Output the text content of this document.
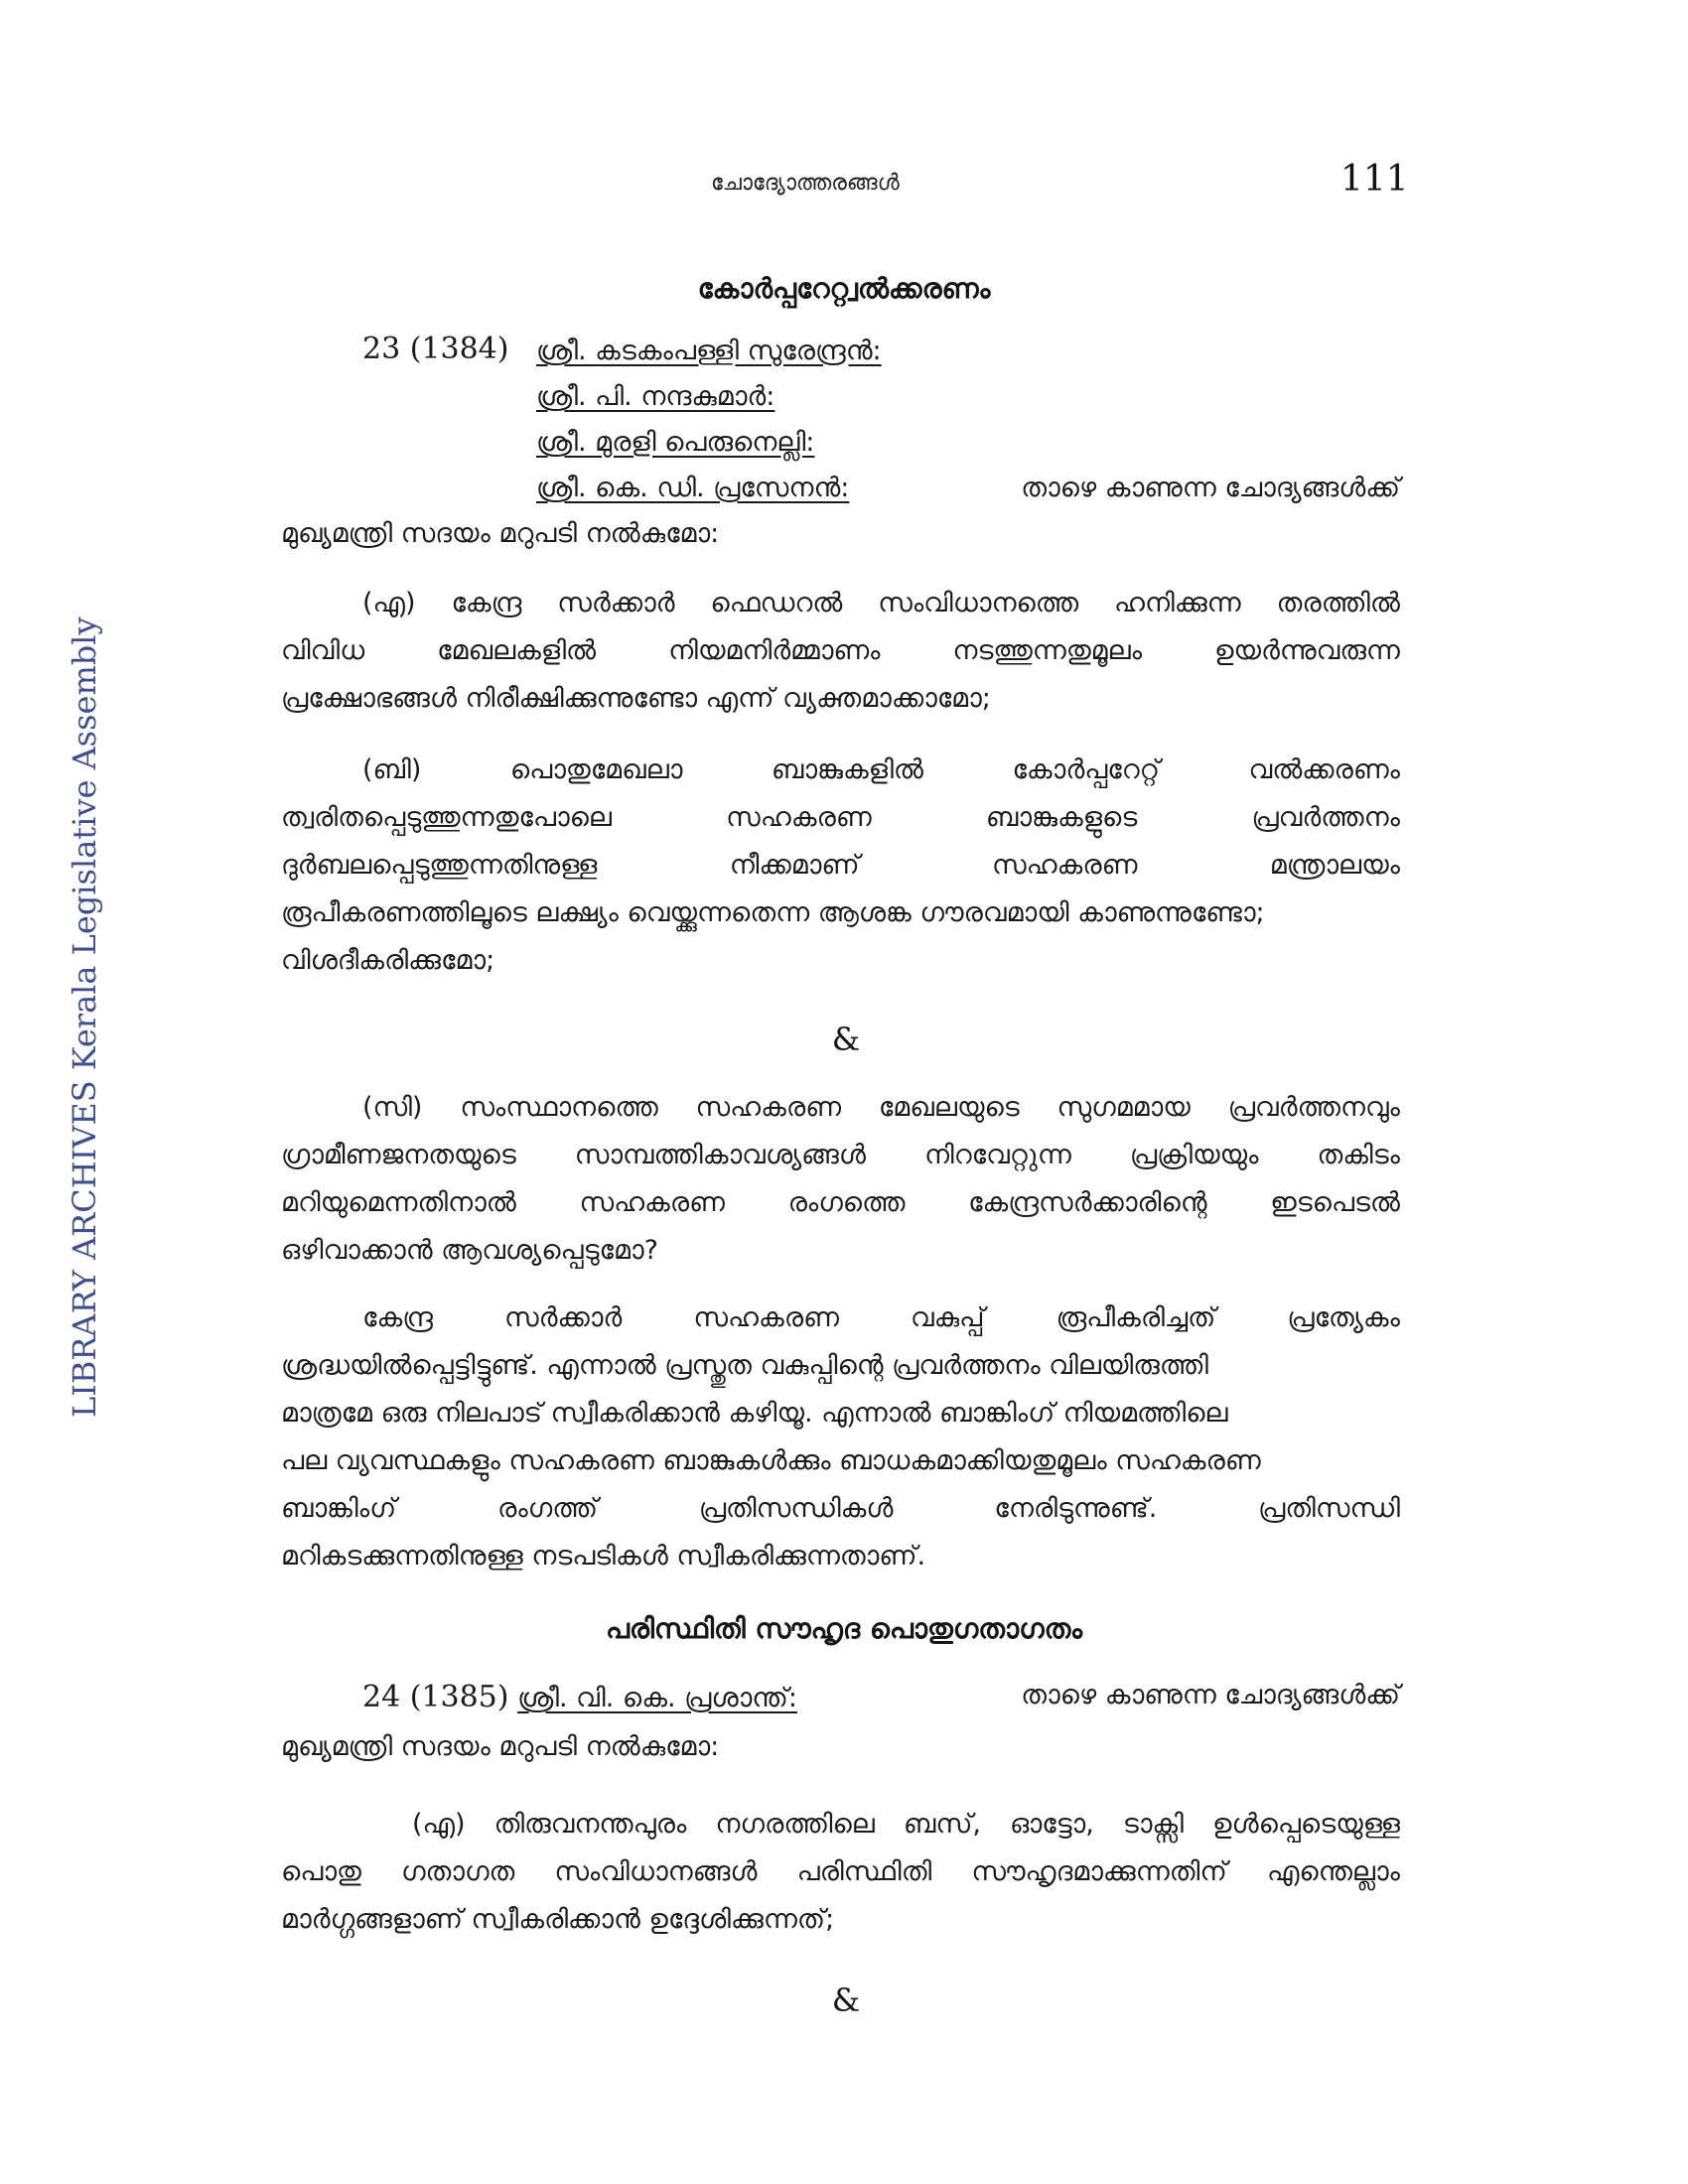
LIBRARY ARCHIVES Kerala Legislative Assembly
ചോദ്യോത്തരങ്ങൾ	111
കോർപ്പറേറ്റ്വൽക്കരണം
23 (1384) ശ്രീ. കടകംപള്ളി സുരേന്ദ്രൻ:
ശ്രീ. പി. നന്ദകുമാർ:
ശ്രീ. മുരളി പെരുനെല്ലി:
ശ്രീ. കെ. ഡി. പ്രസേനൻ:	താഴെ കാണുന്ന ചോദ്യങ്ങൾക്ക്
മുഖ്യമന്ത്രി സദയം മറുപടി നൽകുമോ:
(എ) കേന്ദ്ര സർക്കാർ ഫെഡറൽ സംവിധാനത്തെ ഹനിക്കുന്ന തരത്തിൽ
വിവിധ	മേഖലകളിൽ	നിയമനിർമ്മാണം	നടത്തുന്നതുമൂലം	ഉയർന്നുവരുന്ന
പ്രക്ഷോഭങ്ങൾ നിരീക്ഷിക്കുന്നുണ്ടോ എന്ന് വ്യക്തമാക്കാമോ;
(ബി)	പൊതുമേഖലാ	ബാങ്കുകളിൽ	കോർപ്പറേറ്റ്	വൽക്കരണം
ത്വരിതപ്പെടുത്തുന്നതുപോലെ	സഹകരണ	ബാങ്കുകളുടെ	പ്രവർത്തനം
ദുർബലപ്പെടുത്തുന്നതിനുള്ള	നീക്കമാണ്	സഹകരണ	മന്ത്രാലയം
രൂപീകരണത്തിലൂടെ ലക്ഷ്യം വെയ്ക്കുന്നതെന്ന ആശങ്ക ഗൗരവമായി കാണുന്നുണ്ടോ;
വിശദീകരിക്കുമോ;
&
(സി) സംസ്ഥാനത്തെ സഹകരണ മേഖലയുടെ സുഗമമായ പ്രവർത്തനവും
ഗ്രാമീണജനതയുടെ സാമ്പത്തികാവശ്യങ്ങൾ നിറവേറ്റുന്ന പ്രക്രിയയും തകിടം
മറിയുമെന്നതിനാൽ സഹകരണ രംഗത്തെ കേന്ദ്രസർക്കാരിന്റെ ഇടപെടൽ
ഒഴിവാക്കാൻ ആവശ്യപ്പെടുമോ?
കേന്ദ്ര	സർക്കാർ	സഹകരണ	വകുപ്പ്	രൂപീകരിച്ചത്	പ്രത്യേകം
ശ്രദ്ധയിൽപ്പെട്ടിട്ടുണ്ട്. എന്നാൽ പ്രസ്തുത വകുപ്പിന്റെ പ്രവർത്തനം വിലയിരുത്തി
മാത്രമേ ഒരു നിലപാട് സ്വീകരിക്കാൻ കഴിയൂ. എന്നാൽ ബാങ്കിംഗ് നിയമത്തിലെ
പല വ്യവസ്ഥകളും സഹകരണ ബാങ്കുകൾക്കും ബാധകമാക്കിയതുമൂലം സഹകരണ
ബാങ്കിംഗ്	രംഗത്ത്	പ്രതിസന്ധികൾ	നേരിടുന്നുണ്ട്.	പ്രതിസന്ധി
മറികടക്കുന്നതിനുള്ള നടപടികൾ സ്വീകരിക്കുന്നതാണ്.
പരിസ്ഥിതി സൗഹൃദ പൊതുഗതാഗതം
24 (1385) ശ്രീ. വി. കെ. പ്രശാന്ത്:	താഴെ കാണുന്ന ചോദ്യങ്ങൾക്ക്
മുഖ്യമന്ത്രി സദയം മറുപടി നൽകുമോ:
(എ) തിരുവനന്തപുരം നഗരത്തിലെ ബസ്, ഓട്ടോ, ടാക്സി ഉൾപ്പെടെയുള്ള
പൊതു ഗതാഗത സംവിധാനങ്ങൾ പരിസ്ഥിതി സൗഹൃദമാക്കുന്നതിന് എന്തെല്ലാം
മാർഗ്ഗങ്ങളാണ് സ്വീകരിക്കാൻ ഉദ്ദേശിക്കുന്നത്;
&
